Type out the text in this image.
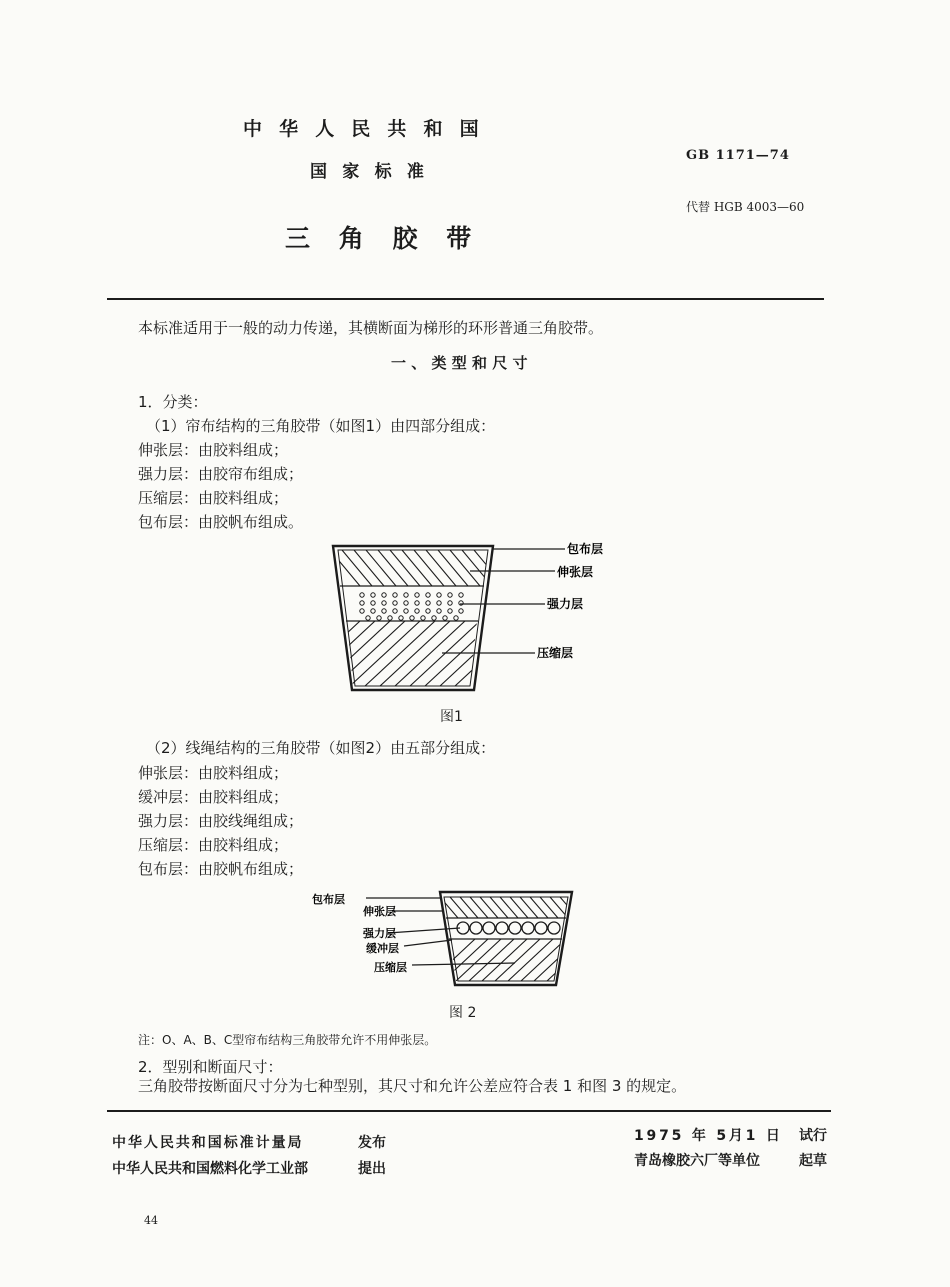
中华人民共和国
国家标准
GB 1171—74
代替 HGB 4003—60
三角胶带
本标准适用于一般的动力传递，其横断面为梯形的环形普通三角胶带。
一、类型和尺寸
1．分类：
（1）帘布结构的三角胶带（如图1）由四部分组成：
伸张层：由胶料组成；
强力层：由胶帘布组成；
压缩层：由胶料组成；
包布层：由胶帆布组成。
包布层
伸张层
强力层
压缩层
图1
（2）线绳结构的三角胶带（如图2）由五部分组成：
伸张层：由胶料组成；
缓冲层：由胶料组成；
强力层：由胶线绳组成；
压缩层：由胶料组成；
包布层：由胶帆布组成；
包布层
伸张层
强力层
缓冲层
压缩层
图 2
注：O、A、B、C型帘布结构三角胶带允许不用伸张层。
2．型别和断面尺寸：
三角胶带按断面尺寸分为七种型别，其尺寸和允许公差应符合表 1 和图 3 的规定。
中华人民共和国标准计量局	发布
中华人民共和国燃料化学工业部	提出
1975 年 5月1 日 试行
青岛橡胶六厂等单位	起草
44
